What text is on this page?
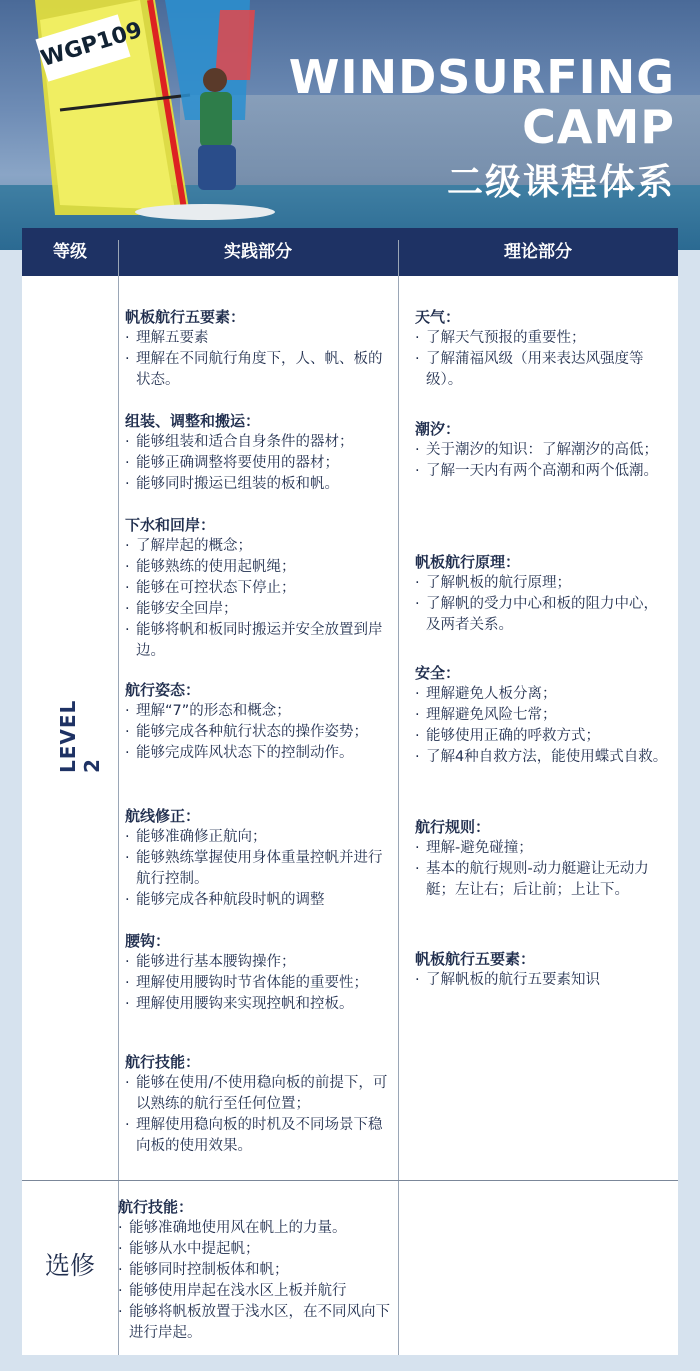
WGP109
WINDSURFING
CAMP
二级课程体系
等级	实践部分	理论部分
LEVEL 2
选修
帆板航行五要素：
· 理解五要素
· 理解在不同航行角度下，人、帆、板的状态。
组装、调整和搬运：
· 能够组装和适合自身条件的器材；
· 能够正确调整将要使用的器材；
· 能够同时搬运已组装的板和帆。
下水和回岸：
· 了解岸起的概念；
· 能够熟练的使用起帆绳；
· 能够在可控状态下停止；
· 能够安全回岸；
· 能够将帆和板同时搬运并安全放置到岸边。
航行姿态：
· 理解“7”的形态和概念；
· 能够完成各种航行状态的操作姿势；
· 能够完成阵风状态下的控制动作。
航线修正：
· 能够准确修正航向；
· 能够熟练掌握使用身体重量控帆并进行航行控制。
· 能够完成各种航段时帆的调整
腰钩：
· 能够进行基本腰钩操作；
· 理解使用腰钩时节省体能的重要性；
· 理解使用腰钩来实现控帆和控板。
航行技能：
· 能够在使用/不使用稳向板的前提下，可以熟练的航行至任何位置；
· 理解使用稳向板的时机及不同场景下稳向板的使用效果。
天气：
· 了解天气预报的重要性；
· 了解蒲福风级（用来表达风强度等级）。
潮汐：
· 关于潮汐的知识：了解潮汐的高低；
· 了解一天内有两个高潮和两个低潮。
帆板航行原理：
· 了解帆板的航行原理；
· 了解帆的受力中心和板的阻力中心，及两者关系。
安全：
· 理解避免人板分离；
· 理解避免风险七常；
· 能够使用正确的呼救方式；
· 了解4种自救方法，能使用蝶式自救。
航行规则：
· 理解-避免碰撞；
· 基本的航行规则-动力艇避让无动力艇；左让右；后让前；上让下。
帆板航行五要素：
· 了解帆板的航行五要素知识
航行技能：
· 能够准确地使用风在帆上的力量。
· 能够从水中提起帆；
· 能够同时控制板体和帆；
· 能够使用岸起在浅水区上板并航行
· 能够将帆板放置于浅水区，在不同风向下进行岸起。
